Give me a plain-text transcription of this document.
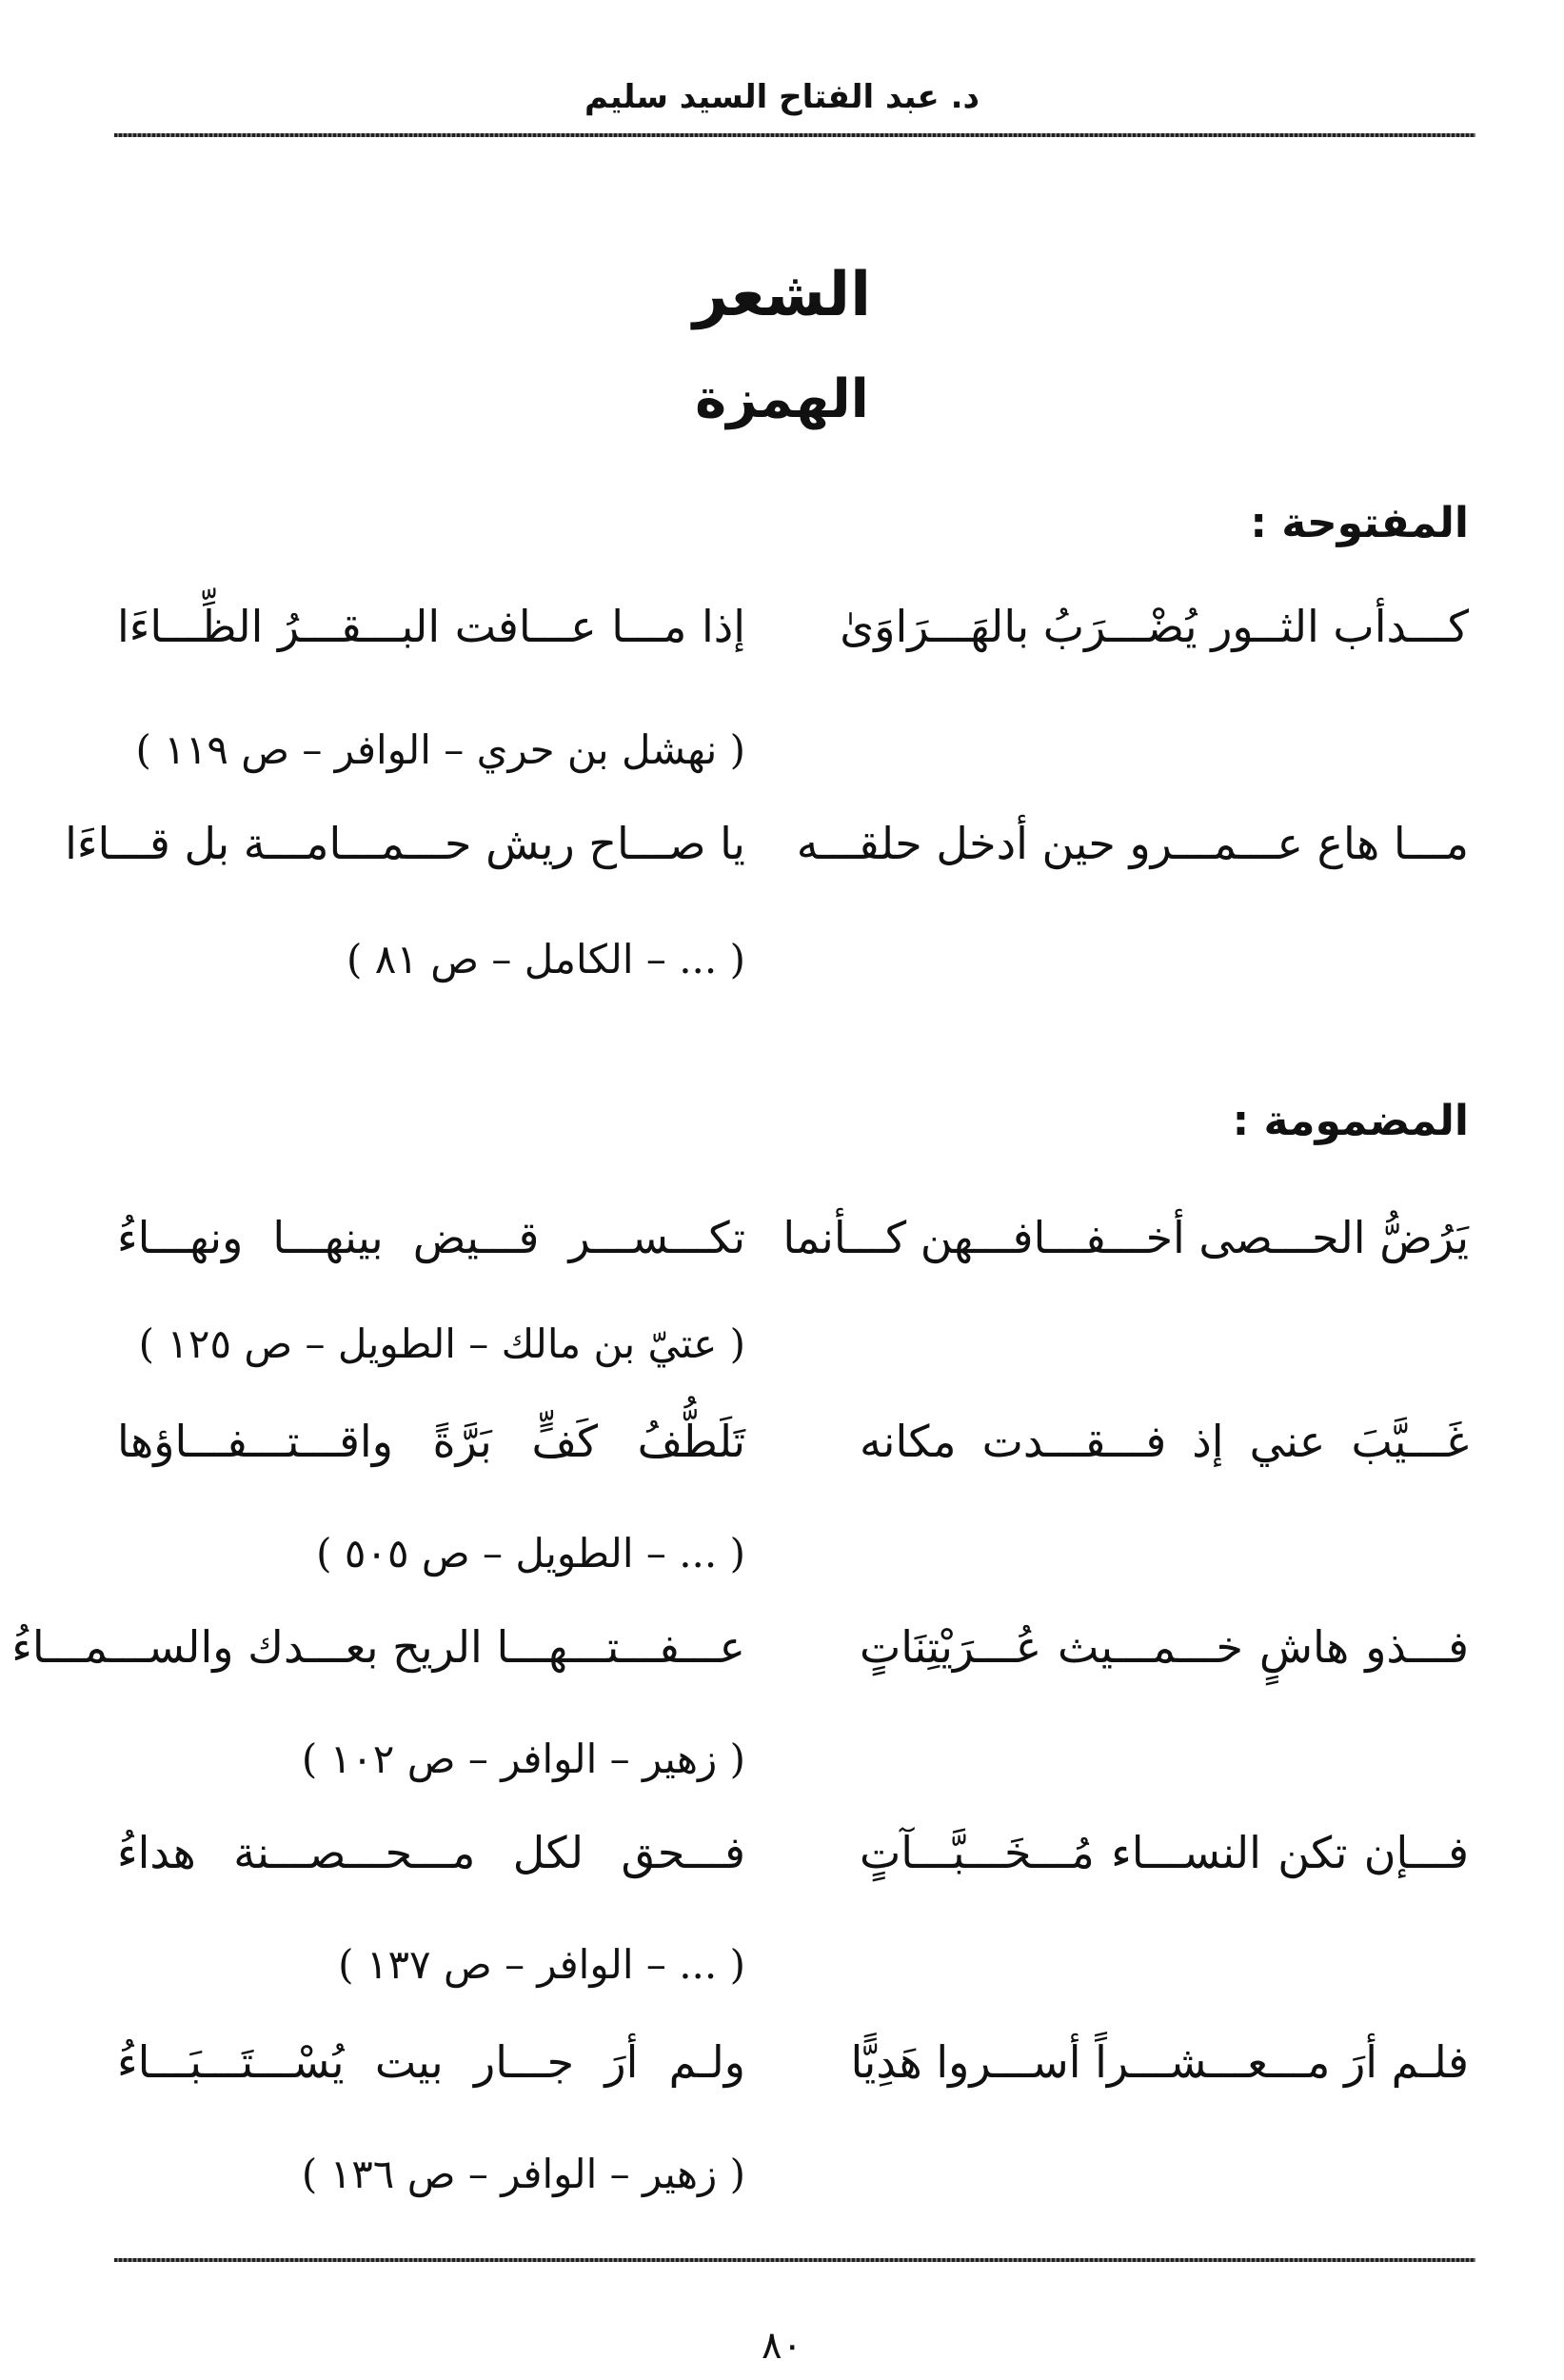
د. عبد الفتاح السيد سليم
الشعر
الهمزة
المفتوحة :
كـــدأب الثــور يُضْـــرَبُ بالهَـــرَاوَىٰ
إذا مـــا عـــافت البـــقـــرُ الظِّـــاءَا
( نهشل بن حري – الوافر – ص ١١٩ )
مـــا هاع عـــمـــرو حين أدخل حلقـــه
يا صـــاح ريش حـــمـــامـــة بل قـــاءَا
( ... – الكامل – ص ٨١ )
المضمومة :
يَرُضُّ الحـــصى أخـــفـــافـــهن كـــأنما
تكـــســـر قـــيض بينهـــا ونهـــاءُ
( عتيّ بن مالك – الطويل – ص ١٢٥ )
غَـــيَّبَ عني إذ فـــقـــدت مكانه
تَلَطُّفُ كَفٍّ بَرَّةً واقـــتـــفـــاؤها
( ... – الطويل – ص ٥٠٥ )
فـــذو هاشٍ خـــمـــيث عُـــرَيْتِنَاتٍ
عـــفـــتـــهـــا الريح بعـــدك والســـمـــاءُ
( زهير – الوافر – ص ١٠٢ )
فـــإن تكن النســـاء مُـــخَـــبَّـــآتٍ
فـــحق لكل مـــحـــصـــنة هداءُ
( ... – الوافر – ص ١٣٧ )
فلـم أرَ مـــعـــشـــراً أســـروا هَدِيًّا
ولـم أرَ جـــار بيت يُسْـــتَـــبَـــاءُ
( زهير – الوافر – ص ١٣٦ )
٨٠
